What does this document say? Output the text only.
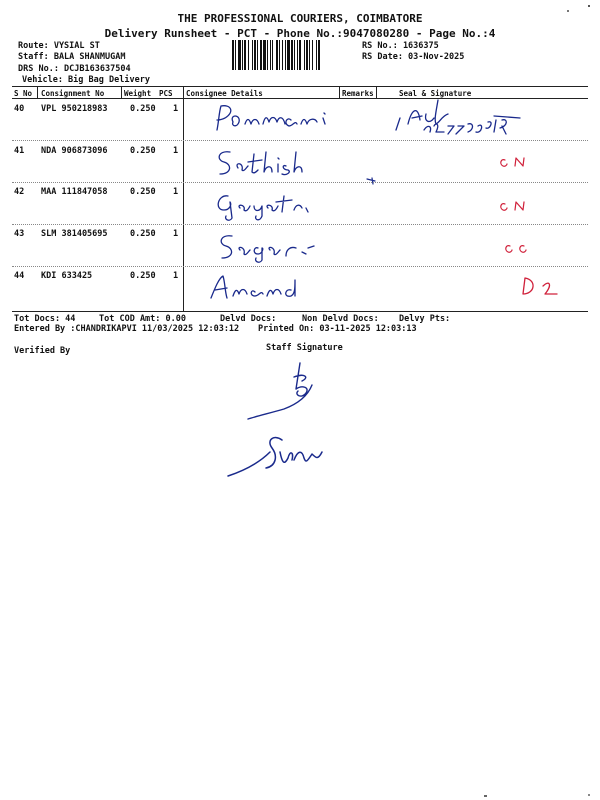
THE PROFESSIONAL COURIERS, COIMBATORE
Delivery Runsheet - PCT - Phone No.:9047080280 - Page No.:4
Route: VYSIAL ST
Staff: BALA SHANMUGAM
DRS No.: DCJB163637504
Vehicle: Big Bag Delivery
RS No.: 1636375
RS Date: 03-Nov-2025
S No Consignment No	Weight PCS Consignee Details	Remarks	Seal & Signature
40 VPL 950218983	0.250 1
41 NDA 906873096	0.250 1
42 MAA 111847058	0.250 1
43 SLM 381405695	0.250 1
44 KDI 633425	0.250 1
Tot Docs: 44	Tot COD Amt: 0.00	Delvd Docs:	Non Delvd Docs: Delvy Pts:
Entered By :CHANDRIKAPVI 11/03/2025 12:03:12 Printed On: 03-11-2025 12:03:13
Verified By	Staff Signature
